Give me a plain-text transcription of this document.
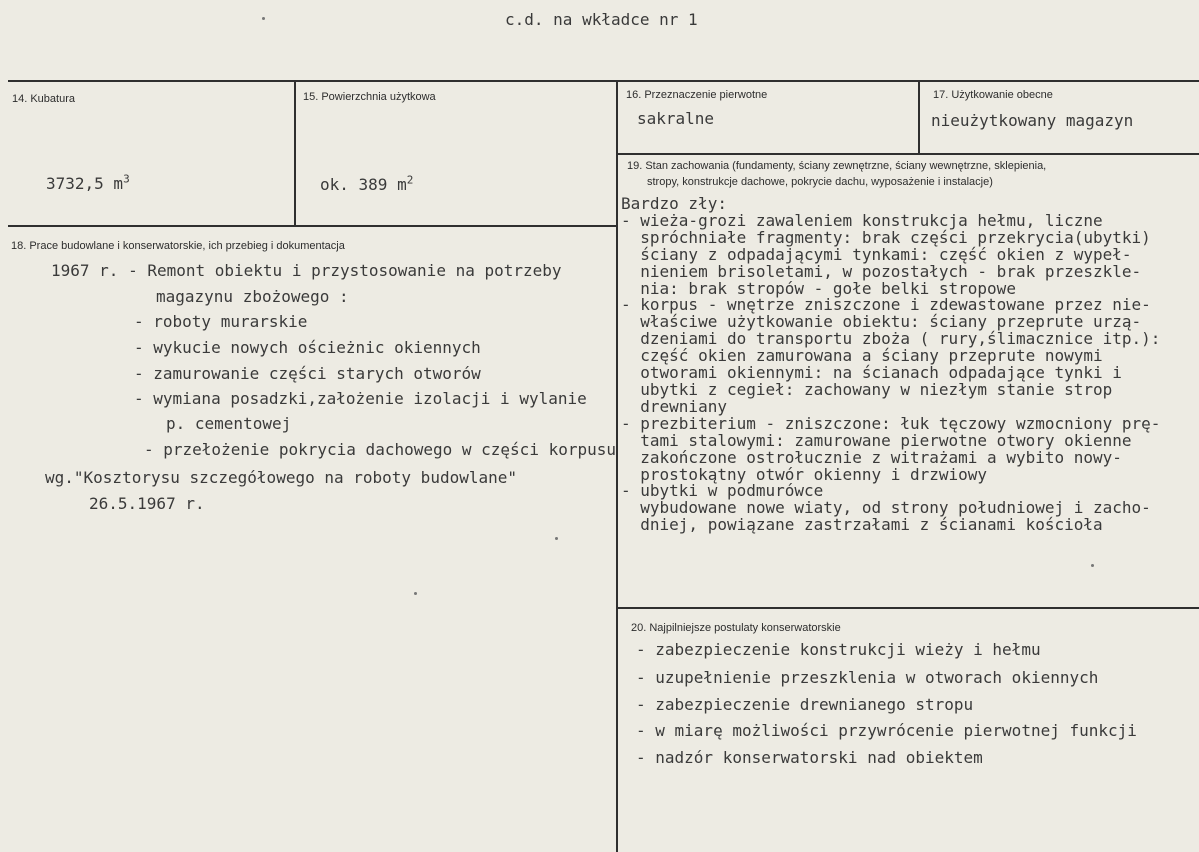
c.d. na wkładce nr 1
14. Kubatura
3732,5 $m^3$
15. Powierzchnia użytkowa
ok. 389 $m^2$
16. Przeznaczenie pierwotne
sakralne
17. Użytkowanie obecne
nieużytkowany magazyn
19. Stan zachowania (fundamenty, ściany zewnętrzne, ściany wewnętrzne, sklepienia,
stropy, konstrukcje dachowe, pokrycie dachu, wyposażenie i instalacje)
Bardzo zły:
- wieża-grozi zawaleniem konstrukcja hełmu, liczne
spróchniałe fragmenty: brak części przekrycia(ubytki)
ściany z odpadającymi tynkami: część okien z wypeł-
nieniem brisoletami, w pozostałych - brak przeszkle-
nia: brak stropów - gołe belki stropowe
- korpus - wnętrze zniszczone i zdewastowane przez nie-
właściwe użytkowanie obiektu: ściany przeprute urzą-
dzeniami do transportu zboża ( rury,ślimacznice itp.):
część okien zamurowana a ściany przeprute nowymi
otworami okiennymi: na ścianach odpadające tynki i
ubytki z cegieł: zachowany w niezłym stanie strop
drewniany
- prezbiterium - zniszczone: łuk tęczowy wzmocniony prę-
tami stalowymi: zamurowane pierwotne otwory okienne
zakończone ostrołucznie z witrażami a wybito nowy-
prostokątny otwór okienny i drzwiowy
- ubytki w podmurówce
wybudowane nowe wiaty, od strony południowej i zacho-
dniej, powiązane zastrzałami z ścianami kościoła
18. Prace budowlane i konserwatorskie, ich przebieg i dokumentacja
1967 r. - Remont obiektu i przystosowanie na potrzeby
magazynu zbożowego :
- roboty murarskie
- wykucie nowych ościeżnic okiennych
- zamurowanie części starych otworów
- wymiana posadzki,założenie izolacji i wylanie
p. cementowej
- przełożenie pokrycia dachowego w części korpusu
wg."Kosztorysu szczegółowego na roboty budowlane"
26.5.1967 r.
20. Najpilniejsze postulaty konserwatorskie
- zabezpieczenie konstrukcji wieży i hełmu
- uzupełnienie przeszklenia w otworach okiennych
- zabezpieczenie drewnianego stropu
- w miarę możliwości przywrócenie pierwotnej funkcji
- nadzór konserwatorski nad obiektem
